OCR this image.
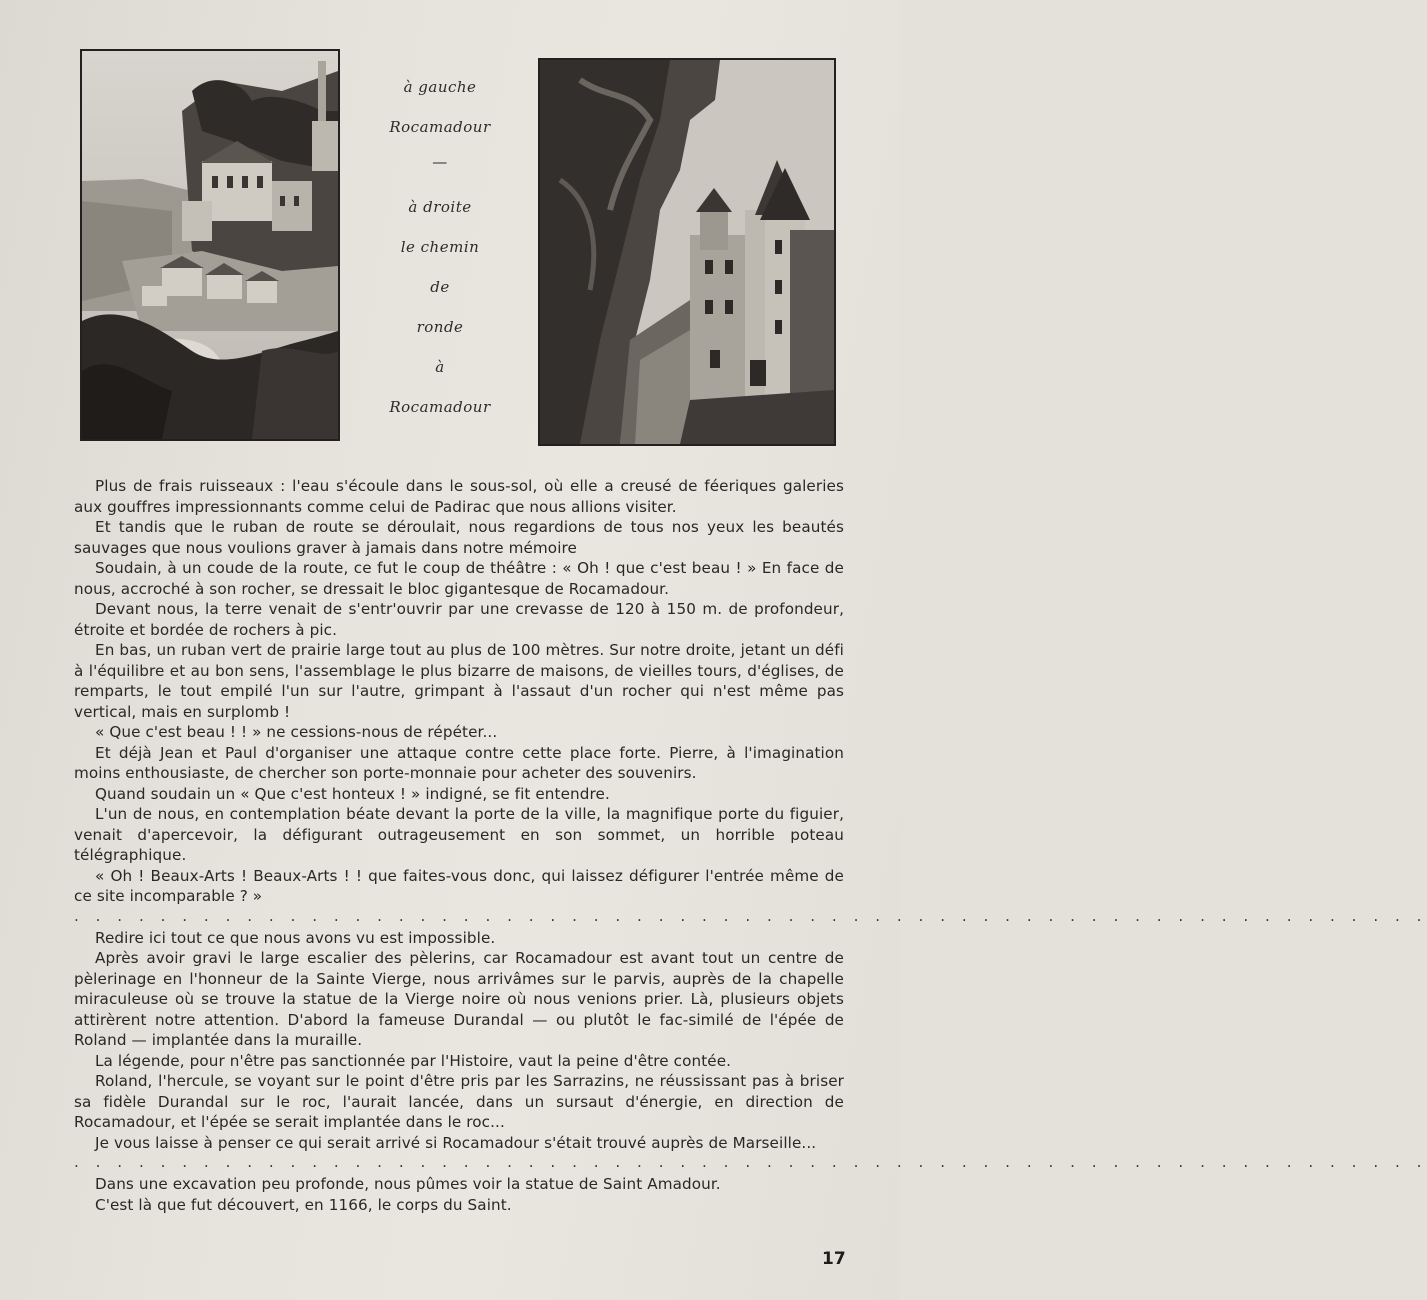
à gauche
Rocamadour
—
à droite
le chemin
de
ronde
à
Rocamadour

Plus de frais ruisseaux : l'eau s'écoule dans le sous-sol, où elle a creusé de féeriques galeries aux gouffres impressionnants comme celui de Padirac que nous allions visiter.

Et tandis que le ruban de route se déroulait, nous regardions de tous nos yeux les beautés sauvages que nous voulions graver à jamais dans notre mémoire

Soudain, à un coude de la route, ce fut le coup de théâtre : « Oh ! que c'est beau ! » En face de nous, accroché à son rocher, se dressait le bloc gigantesque de Rocamadour.

Devant nous, la terre venait de s'entr'ouvrir par une crevasse de 120 à 150 m. de profondeur, étroite et bordée de rochers à pic.

En bas, un ruban vert de prairie large tout au plus de 100 mètres. Sur notre droite, jetant un défi à l'équilibre et au bon sens, l'assemblage le plus bizarre de maisons, de vieilles tours, d'églises, de remparts, le tout empilé l'un sur l'autre, grimpant à l'assaut d'un rocher qui n'est même pas vertical, mais en surplomb !

« Que c'est beau ! ! » ne cessions-nous de répéter...

Et déjà Jean et Paul d'organiser une attaque contre cette place forte. Pierre, à l'imagination moins enthousiaste, de chercher son porte-monnaie pour acheter des souvenirs.

Quand soudain un « Que c'est honteux ! » indigné, se fit entendre.

L'un de nous, en contemplation béate devant la porte de la ville, la magnifique porte du figuier, venait d'apercevoir, la défigurant outrageusement en son sommet, un horrible poteau télégraphique.

« Oh ! Beaux-Arts ! Beaux-Arts ! ! que faites-vous donc, qui laissez défigurer l'entrée même de ce site incomparable ? »

. . . . . . . . . . . . . . . . . . . . . . . . . . . . . . . . . . . . . . . . . . . . . . . . . . . . . . . . . . . . . . .

Redire ici tout ce que nous avons vu est impossible.

Après avoir gravi le large escalier des pèlerins, car Rocamadour est avant tout un centre de pèlerinage en l'honneur de la Sainte Vierge, nous arrivâmes sur le parvis, auprès de la chapelle miraculeuse où se trouve la statue de la Vierge noire où nous venions prier. Là, plusieurs objets attirèrent notre attention. D'abord la fameuse Durandal — ou plutôt le fac-similé de l'épée de Roland — implantée dans la muraille.

La légende, pour n'être pas sanctionnée par l'Histoire, vaut la peine d'être contée.

Roland, l'hercule, se voyant sur le point d'être pris par les Sarrazins, ne réussissant pas à briser sa fidèle Durandal sur le roc, l'aurait lancée, dans un sursaut d'énergie, en direction de Rocamadour, et l'épée se serait implantée dans le roc...

Je vous laisse à penser ce qui serait arrivé si Rocamadour s'était trouvé auprès de Marseille...

. . . . . . . . . . . . . . . . . . . . . . . . . . . . . . . . . . . . . . . . . . . . . . . . . . . . . . . . . . . . . . .

Dans une excavation peu profonde, nous pûmes voir la statue de Saint Amadour.

C'est là que fut découvert, en 1166, le corps du Saint.

17
